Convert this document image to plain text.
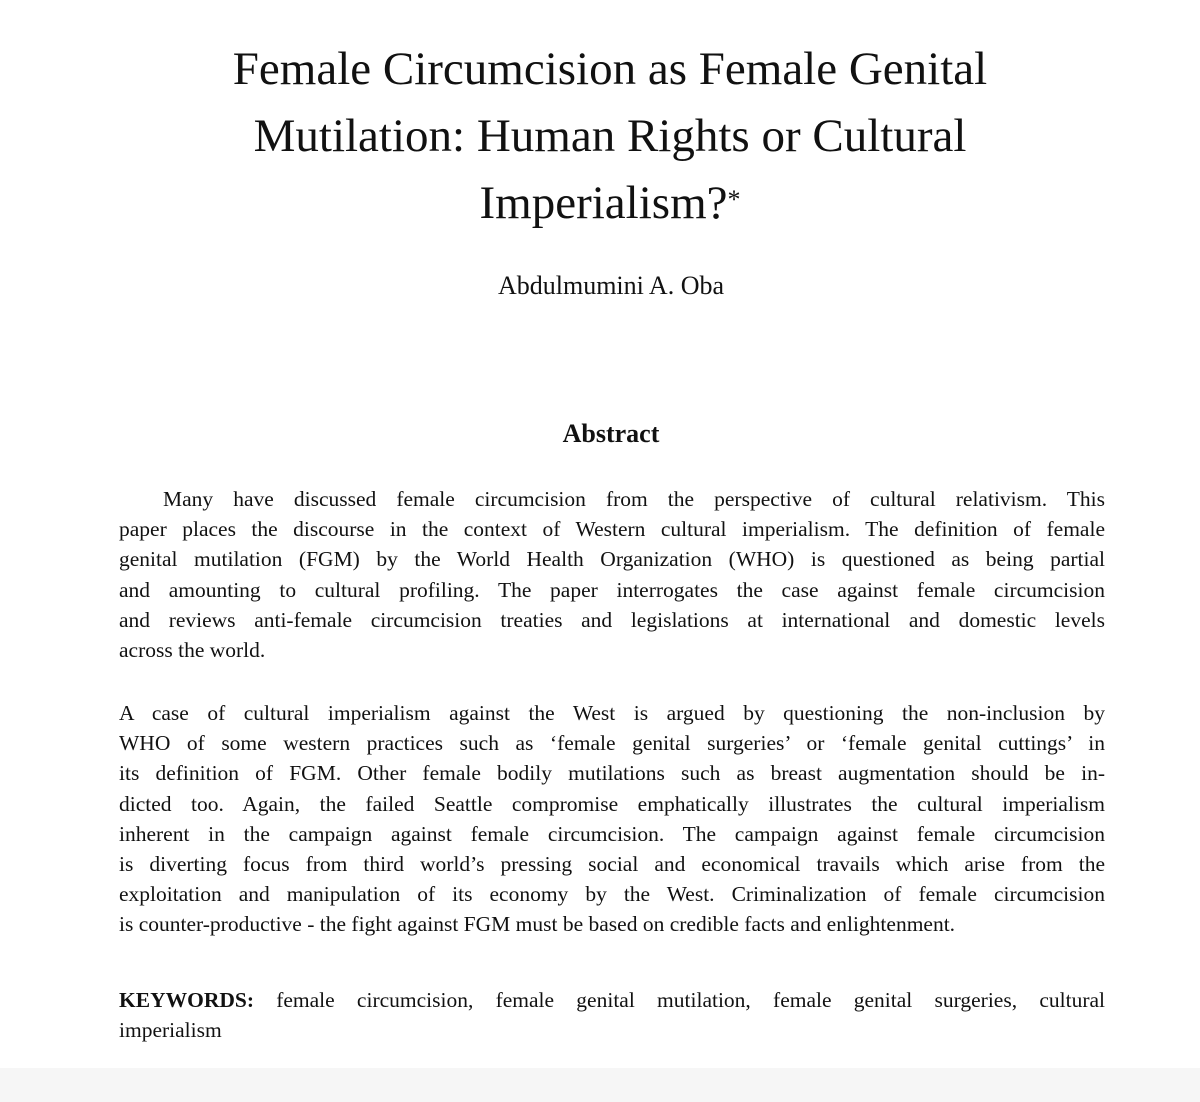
Female Circumcision as Female Genital
Mutilation: Human Rights or Cultural
Imperialism?*
Abdulmumini A. Oba
Abstract

Many have discussed female circumcision from the perspective of cultural relativism. This
paper places the discourse in the context of Western cultural imperialism. The definition of female
genital mutilation (FGM) by the World Health Organization (WHO) is questioned as being partial
and amounting to cultural profiling. The paper interrogates the case against female circumcision
and reviews anti-female circumcision treaties and legislations at international and domestic levels
across the world.

A case of cultural imperialism against the West is argued by questioning the non-inclusion by
WHO of some western practices such as ‘female genital surgeries’ or ‘female genital cuttings’ in
its definition of FGM. Other female bodily mutilations such as breast augmentation should be in-
dicted too. Again, the failed Seattle compromise emphatically illustrates the cultural imperialism
inherent in the campaign against female circumcision. The campaign against female circumcision
is diverting focus from third world’s pressing social and economical travails which arise from the
exploitation and manipulation of its economy by the West. Criminalization of female circumcision
is counter-productive - the fight against FGM must be based on credible facts and enlightenment.

KEYWORDS: female circumcision, female genital mutilation, female genital surgeries, cultural
imperialism
